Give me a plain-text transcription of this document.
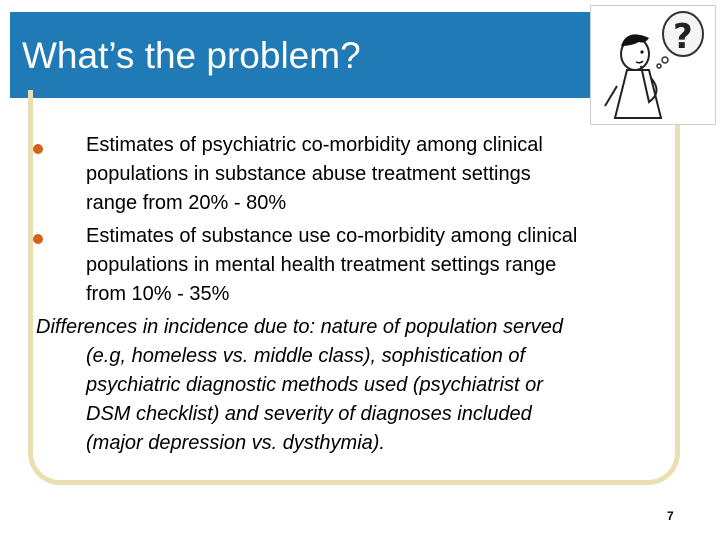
What’s the problem?	?
Estimates of psychiatric co-morbidity among clinical
populations in substance abuse treatment settings
range from 20% - 80%
Estimates of substance use co-morbidity among clinical
populations in mental health treatment settings range
from 10% - 35%
Differences in incidence due to: nature of population served
(e.g, homeless vs. middle class), sophistication of
psychiatric diagnostic methods used (psychiatrist or
DSM checklist) and severity of diagnoses included
(major depression vs. dysthymia).
7
